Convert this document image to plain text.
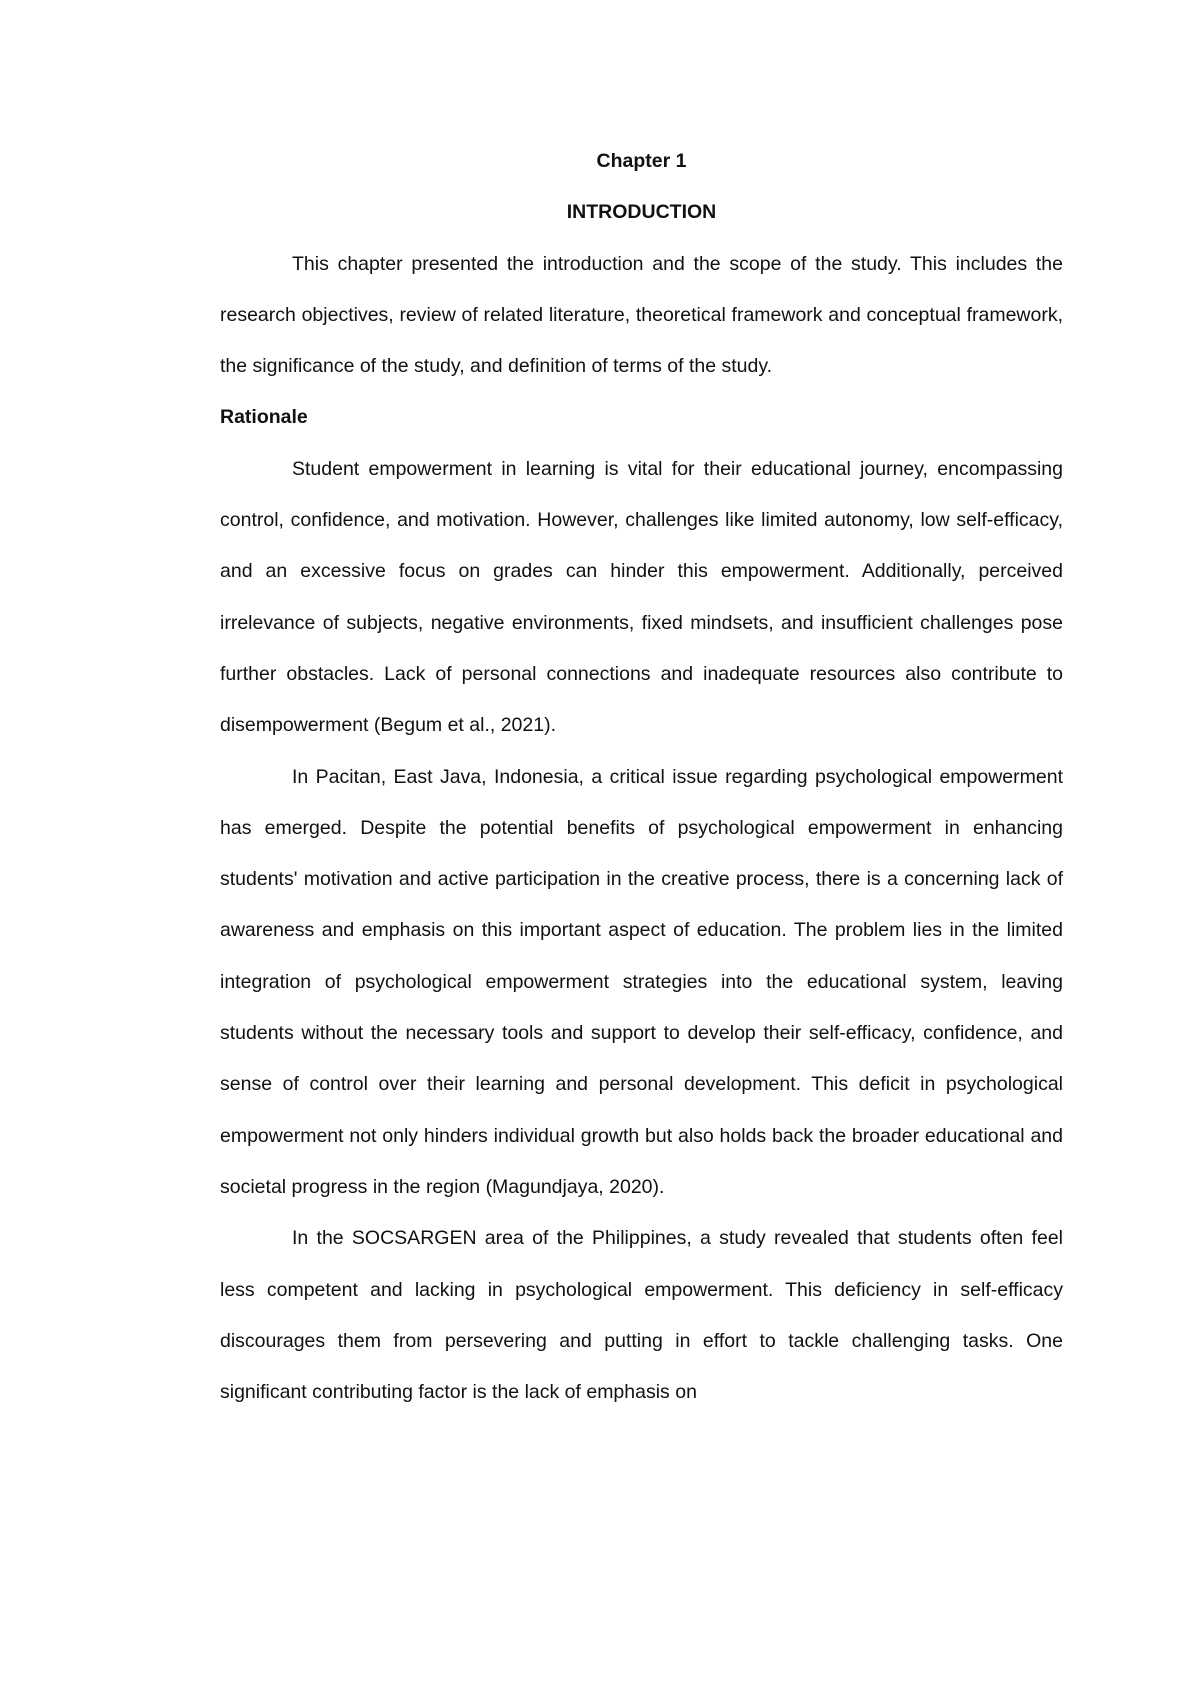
Chapter 1

INTRODUCTION

This chapter presented the introduction and the scope of the study. This includes the research objectives, review of related literature, theoretical framework and conceptual framework, the significance of the study, and definition of terms of the study.

Rationale

Student empowerment in learning is vital for their educational journey, encompassing control, confidence, and motivation. However, challenges like limited autonomy, low self-efficacy, and an excessive focus on grades can hinder this empowerment. Additionally, perceived irrelevance of subjects, negative environments, fixed mindsets, and insufficient challenges pose further obstacles. Lack of personal connections and inadequate resources also contribute to disempowerment (Begum et al., 2021).

In Pacitan, East Java, Indonesia, a critical issue regarding psychological empowerment has emerged. Despite the potential benefits of psychological empowerment in enhancing students' motivation and active participation in the creative process, there is a concerning lack of awareness and emphasis on this important aspect of education. The problem lies in the limited integration of psychological empowerment strategies into the educational system, leaving students without the necessary tools and support to develop their self-efficacy, confidence, and sense of control over their learning and personal development. This deficit in psychological empowerment not only hinders individual growth but also holds back the broader educational and societal progress in the region (Magundjaya, 2020).

In the SOCSARGEN area of the Philippines, a study revealed that students often feel less competent and lacking in psychological empowerment. This deficiency in self-efficacy discourages them from persevering and putting in effort to tackle challenging tasks. One significant contributing factor is the lack of emphasis on
